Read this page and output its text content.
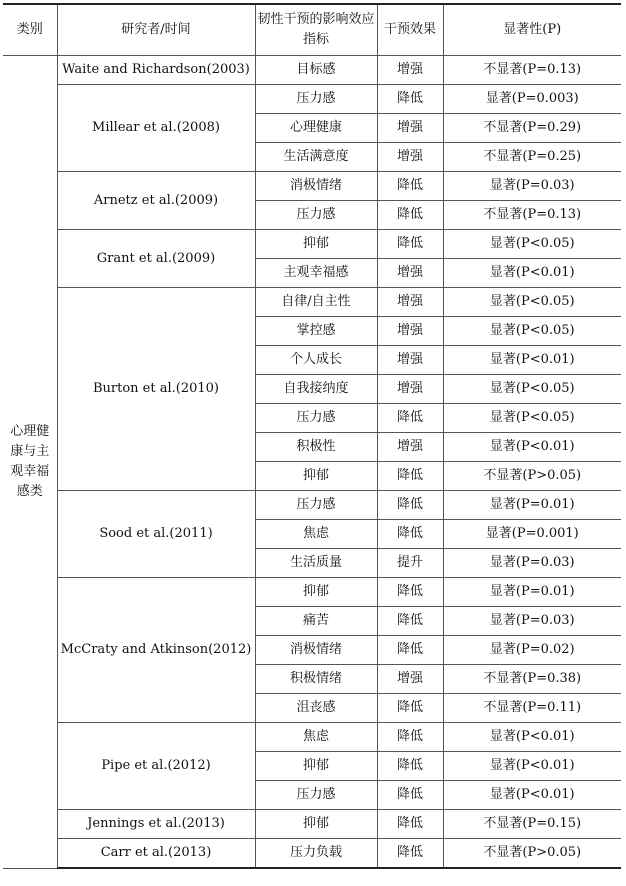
类别	研究者/时间	韧性干预的影响效应指标	干预效果	显著性(P)
心理健康与主观幸福感类	Waite and Richardson(2003)	目标感	增强	不显著(P=0.13)
	Millear et al.(2008)	压力感	降低	显著(P=0.003)
		心理健康	增强	不显著(P=0.29)
		生活满意度	增强	不显著(P=0.25)
	Arnetz et al.(2009)	消极情绪	降低	显著(P=0.03)
		压力感	降低	不显著(P=0.13)
	Grant et al.(2009)	抑郁	降低	显著(P<0.05)
		主观幸福感	增强	显著(P<0.01)
	Burton et al.(2010)	自律/自主性	增强	显著(P<0.05)
		掌控感	增强	显著(P<0.05)
		个人成长	增强	显著(P<0.01)
		自我接纳度	增强	显著(P<0.05)
		压力感	降低	显著(P<0.05)
		积极性	增强	显著(P<0.01)
		抑郁	降低	不显著(P>0.05)
	Sood et al.(2011)	压力感	降低	显著(P=0.01)
		焦虑	降低	显著(P=0.001)
		生活质量	提升	显著(P=0.03)
	McCraty and Atkinson(2012)	抑郁	降低	显著(P=0.01)
		痛苦	降低	显著(P=0.03)
		消极情绪	降低	显著(P=0.02)
		积极情绪	增强	不显著(P=0.38)
		沮丧感	降低	不显著(P=0.11)
	Pipe et al.(2012)	焦虑	降低	显著(P<0.01)
		抑郁	降低	显著(P<0.01)
		压力感	降低	显著(P<0.01)
	Jennings et al.(2013)	抑郁	降低	不显著(P=0.15)
	Carr et al.(2013)	压力负载	降低	不显著(P>0.05)
